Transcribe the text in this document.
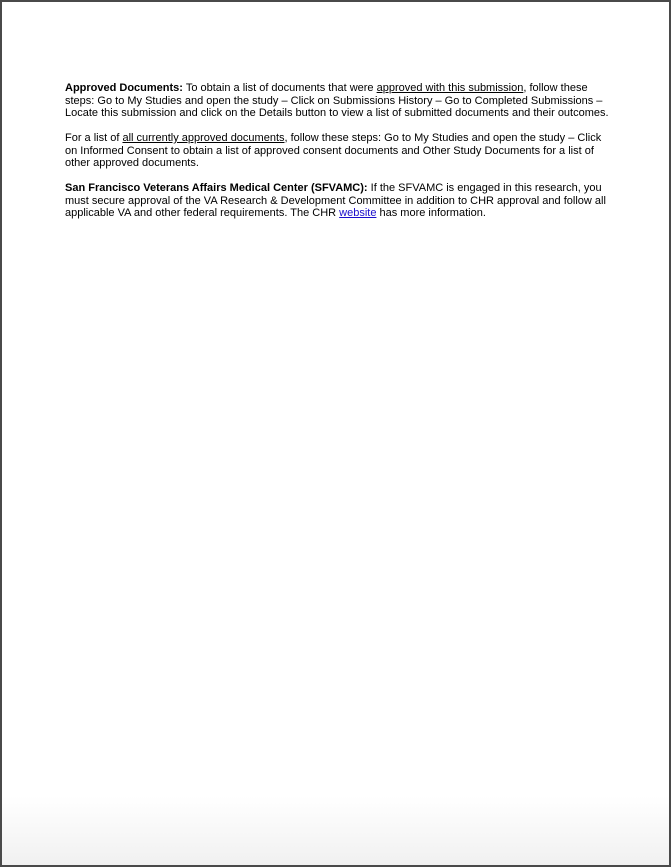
Approved Documents: To obtain a list of documents that were approved with this submission, follow these steps: Go to My Studies and open the study – Click on Submissions History – Go to Completed Submissions – Locate this submission and click on the Details button to view a list of submitted documents and their outcomes.

For a list of all currently approved documents, follow these steps: Go to My Studies and open the study – Click on Informed Consent to obtain a list of approved consent documents and Other Study Documents for a list of other approved documents.

San Francisco Veterans Affairs Medical Center (SFVAMC): If the SFVAMC is engaged in this research, you must secure approval of the VA Research & Development Committee in addition to CHR approval and follow all applicable VA and other federal requirements. The CHR website has more information.
